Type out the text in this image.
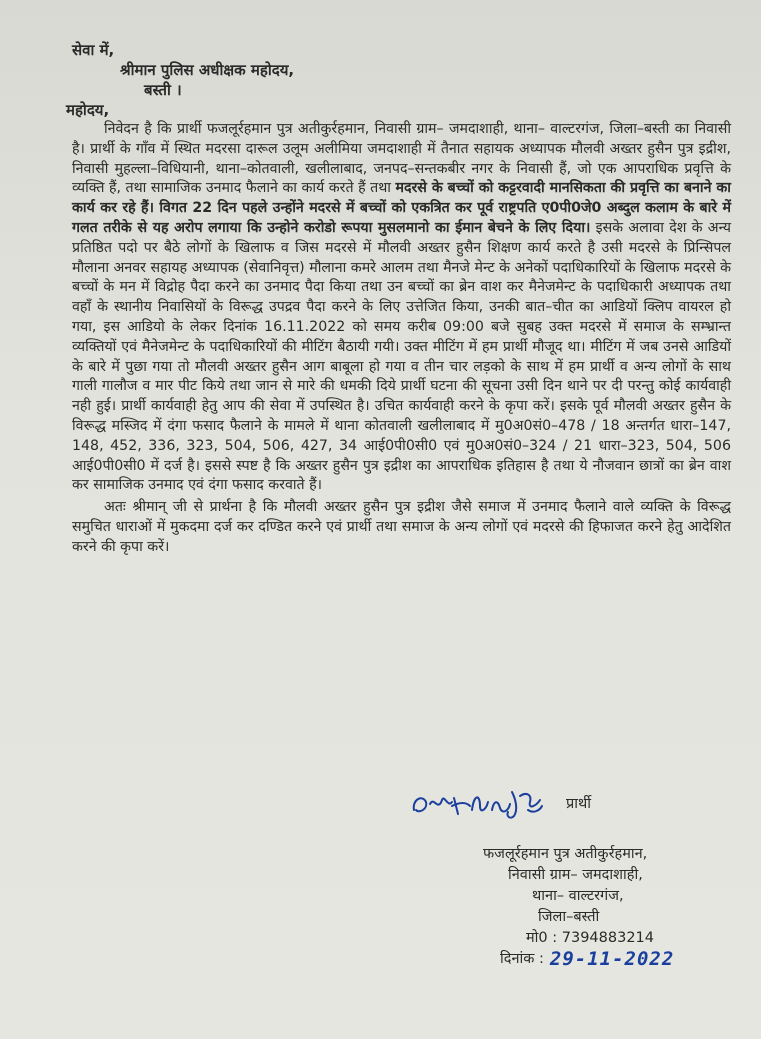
सेवा में,

श्रीमान पुलिस अधीक्षक महोदय,

बस्ती ।

महोदय,

निवेदन है कि प्रार्थी फजलूर्रहमान पुत्र अतीकुर्रहमान, निवासी ग्राम– जमदाशाही, थाना– वाल्टरगंज, जिला–बस्ती का निवासी है। प्रार्थी के गाँव में स्थित मदरसा दारूल उलूम अलीमिया जमदाशाही में तैनात सहायक अध्यापक मौलवी अख्तर हुसैन पुत्र इद्रीश, निवासी मुहल्ला–विधियानी, थाना–कोतवाली, खलीलाबाद, जनपद–सन्तकबीर नगर के निवासी हैं, जो एक आपराधिक प्रवृत्ति के व्यक्ति हैं, तथा सामाजिक उनमाद फैलाने का कार्य करते हैं तथा मदरसे के बच्चों को कट्टरवादी मानसिकता की प्रवृत्ति का बनाने का कार्य कर रहे हैं। विगत 22 दिन पहले उन्होंने मदरसे में बच्चों को एकत्रित कर पूर्व राष्ट्रपति ए0पी0जे0 अब्दुल कलाम के बारे में गलत तरीके से यह अरोप लगाया कि उन्होने करोडो रूपया मुसलमानो का ईमान बेचने के लिए दिया। इसके अलावा देश के अन्य प्रतिष्ठित पदो पर बैठे लोगों के खिलाफ व जिस मदरसे में मौलवी अख्तर हुसैन शिक्षण कार्य करते है उसी मदरसे के प्रिन्सिपल मौलाना अनवर सहायह अध्यापक (सेवानिवृत्त) मौलाना कमरे आलम तथा मैनजे मेन्ट के अनेकों पदाधिकारियों के खिलाफ मदरसे के बच्चों के मन में विद्रोह पैदा करने का उनमाद पैदा किया तथा उन बच्चों का ब्रेन वाश कर मैनेजमेन्ट के पदाधिकारी अध्यापक तथा वहाँ के स्थानीय निवासियों के विरूद्ध उपद्रव पैदा करने के लिए उत्तेजित किया, उनकी बात–चीत का आडियों क्लिप वायरल हो गया, इस आडियो के लेकर दिनांक 16.11.2022 को समय करीब 09:00 बजे सुबह उक्त मदरसे में समाज के सम्भ्रान्त व्यक्तियों एवं मैनेजमेन्ट के पदाधिकारियों की मीटिंग बैठायी गयी। उक्त मीटिंग में हम प्रार्थी मौजूद था। मीटिंग में जब उनसे आडियों के बारे में पुछा गया तो मौलवी अख्तर हुसैन आग बाबूला हो गया व तीन चार लड़को के साथ में हम प्रार्थी व अन्य लोगों के साथ गाली गालौज व मार पीट किये तथा जान से मारे की धमकी दिये प्रार्थी घटना की सूचना उसी दिन थाने पर दी परन्तु कोई कार्यवाही नही हुई। प्रार्थी कार्यवाही हेतु आप की सेवा में उपस्थित है। उचित कार्यवाही करने के कृपा करें। इसके पूर्व मौलवी अख्तर हुसैन के विरूद्ध मस्जिद में दंगा फसाद फैलाने के मामले में थाना कोतवाली खलीलाबाद में मु0अ0सं0–478 / 18 अन्तर्गत धारा–147, 148, 452, 336, 323, 504, 506, 427, 34 आई0पी0सी0 एवं मु0अ0सं0–324 / 21 धारा–323, 504, 506 आई0पी0सी0 में दर्ज है। इससे स्पष्ट है कि अख्तर हुसैन पुत्र इद्रीश का आपराधिक इतिहास है तथा ये नौजवान छात्रों का ब्रेन वाश कर सामाजिक उनमाद एवं दंगा फसाद करवाते हैं।

अतः श्रीमान् जी से प्रार्थना है कि मौलवी अख्तर हुसैन पुत्र इद्रीश जैसे समाज में उनमाद फैलाने वाले व्यक्ति के विरूद्ध समुचित धाराओं में मुकदमा दर्ज कर दण्डित करने एवं प्रार्थी तथा समाज के अन्य लोगों एवं मदरसे की हिफाजत करने हेतु आदेशित करने की कृपा करें।

प्रार्थी
फजलूर्रहमान पुत्र अतीकुर्रहमान,
निवासी ग्राम– जमदाशाही,
थाना– वाल्टरगंज,
जिला–बस्ती
मो0 : 7394883214
दिनांक : 29-11-2022
